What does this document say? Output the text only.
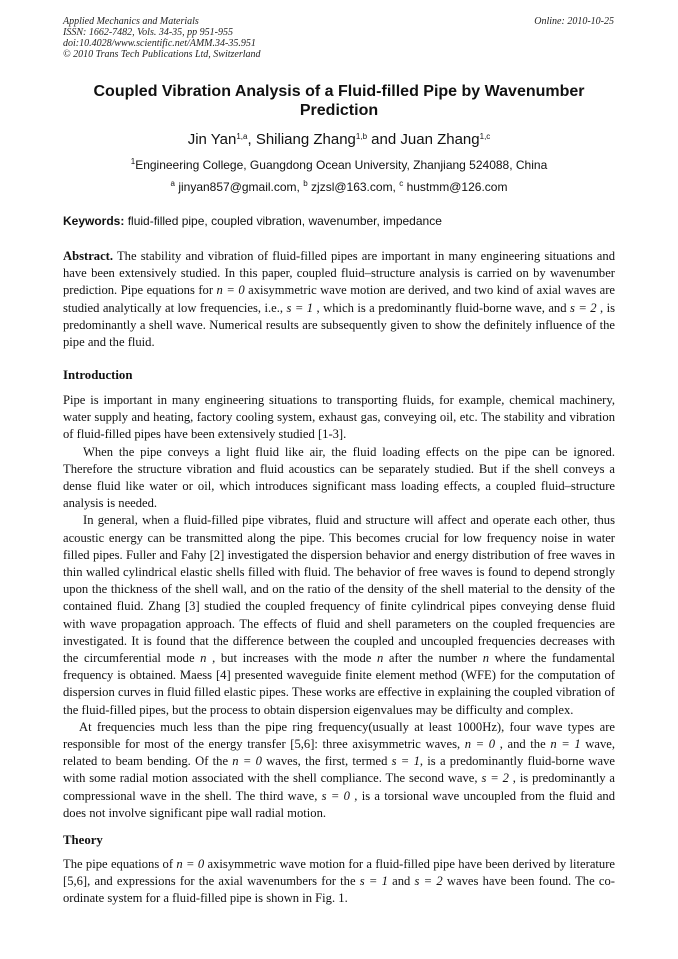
Applied Mechanics and Materials
ISSN: 1662-7482, Vols. 34-35, pp 951-955
doi:10.4028/www.scientific.net/AMM.34-35.951
© 2010 Trans Tech Publications Ltd, Switzerland
Online: 2010-10-25
Coupled Vibration Analysis of a Fluid-filled Pipe by Wavenumber Prediction
Jin Yan$^{1,a}$, Shiliang Zhang$^{1,b}$ and Juan Zhang$^{1,c}$
$^1$Engineering College, Guangdong Ocean University, Zhanjiang 524088, China
$^a$ jinyan857@gmail.com, $^b$ zjzsl@163.com, $^c$ hustmm@126.com
Keywords: fluid-filled pipe, coupled vibration, wavenumber, impedance

Abstract. The stability and vibration of fluid-filled pipes are important in many engineering situations and have been extensively studied. In this paper, coupled fluid–structure analysis is carried on by wavenumber prediction. Pipe equations for n = 0 axisymmetric wave motion are derived, and two kind of axial waves are studied analytically at low frequencies, i.e., s = 1 , which is a predominantly fluid-borne wave, and s = 2 , is predominantly a shell wave. Numerical results are subsequently given to show the definitely influence of the pipe and the fluid.

Introduction

Pipe is important in many engineering situations to transporting fluids, for example, chemical machinery, water supply and heating, factory cooling system, exhaust gas, conveying oil, etc. The stability and vibration of fluid-filled pipes have been extensively studied [1-3].

When the pipe conveys a light fluid like air, the fluid loading effects on the pipe can be ignored. Therefore the structure vibration and fluid acoustics can be separately studied. But if the shell conveys a dense fluid like water or oil, which introduces significant mass loading effects, a coupled fluid–structure analysis is needed.

In general, when a fluid-filled pipe vibrates, fluid and structure will affect and operate each other, thus acoustic energy can be transmitted along the pipe. This becomes crucial for low frequency noise in water filled pipes. Fuller and Fahy [2] investigated the dispersion behavior and energy distribution of free waves in thin walled cylindrical elastic shells filled with fluid. The behavior of free waves is found to depend strongly upon the thickness of the shell wall, and on the ratio of the density of the shell material to the density of the contained fluid. Zhang [3] studied the coupled frequency of finite cylindrical pipes conveying dense fluid with wave propagation approach. The effects of fluid and shell parameters on the coupled frequencies are investigated. It is found that the difference between the coupled and uncoupled frequencies decreases with the circumferential mode n , but increases with the mode n after the number n where the fundamental frequency is obtained. Maess [4] presented waveguide finite element method (WFE) for the computation of dispersion curves in fluid filled elastic pipes. These works are effective in explaining the coupled vibration of the fluid-filled pipes, but the process to obtain dispersion eigenvalues may be difficulty and complex.

At frequencies much less than the pipe ring frequency(usually at least 1000Hz), four wave types are responsible for most of the energy transfer [5,6]: three axisymmetric waves, n = 0 , and the n = 1 wave, related to beam bending. Of the n = 0 waves, the first, termed s = 1, is a predominantly fluid-borne wave with some radial motion associated with the shell compliance. The second wave, s = 2 , is predominantly a compressional wave in the shell. The third wave, s = 0 , is a torsional wave uncoupled from the fluid and does not involve significant pipe wall radial motion.

Theory

The pipe equations of n = 0 axisymmetric wave motion for a fluid-filled pipe have been derived by literature [5,6], and expressions for the axial wavenumbers for the s = 1 and s = 2 waves have been found. The co-ordinate system for a fluid-filled pipe is shown in Fig. 1.
